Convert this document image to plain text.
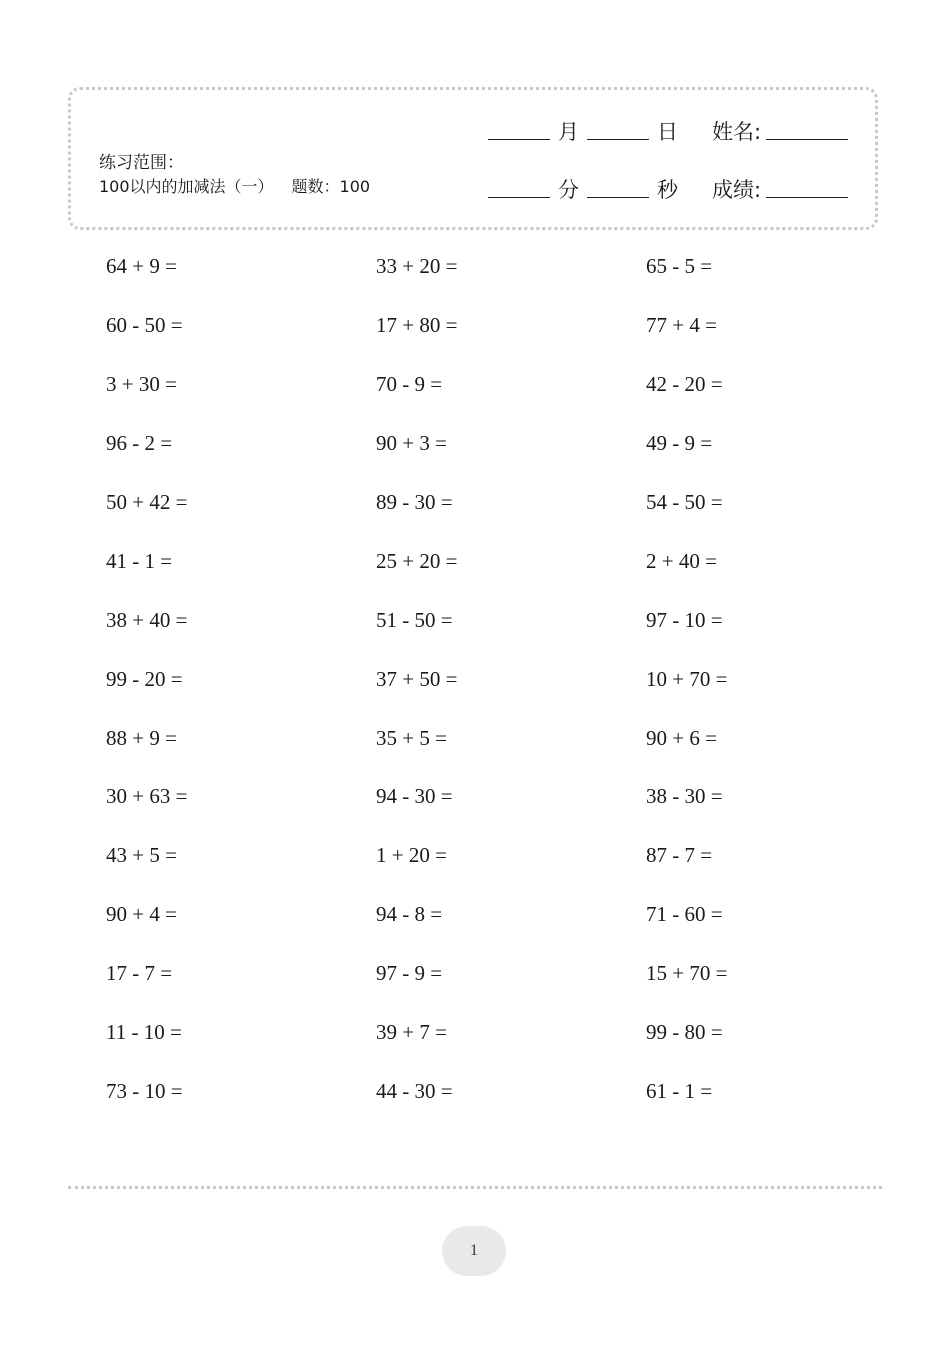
练习范围：
100以内的加减法（一） 题数：100
月	日 姓名:
分	秒 成绩:
64 + 9 =	33 + 20 =	65 - 5 =
60 - 50 =	17 + 80 =	77 + 4 =
3 + 30 =	70 - 9 =	42 - 20 =
96 - 2 =	90 + 3 =	49 - 9 =
50 + 42 =	89 - 30 =	54 - 50 =
41 - 1 =	25 + 20 =	2 + 40 =
38 + 40 =	51 - 50 =	97 - 10 =
99 - 20 =	37 + 50 =	10 + 70 =
88 + 9 =	35 + 5 =	90 + 6 =
30 + 63 =	94 - 30 =	38 - 30 =
43 + 5 =	1 + 20 =	87 - 7 =
90 + 4 =	94 - 8 =	71 - 60 =
17 - 7 =	97 - 9 =	15 + 70 =
11 - 10 =	39 + 7 =	99 - 80 =
73 - 10 =	44 - 30 =	61 - 1 =
1
